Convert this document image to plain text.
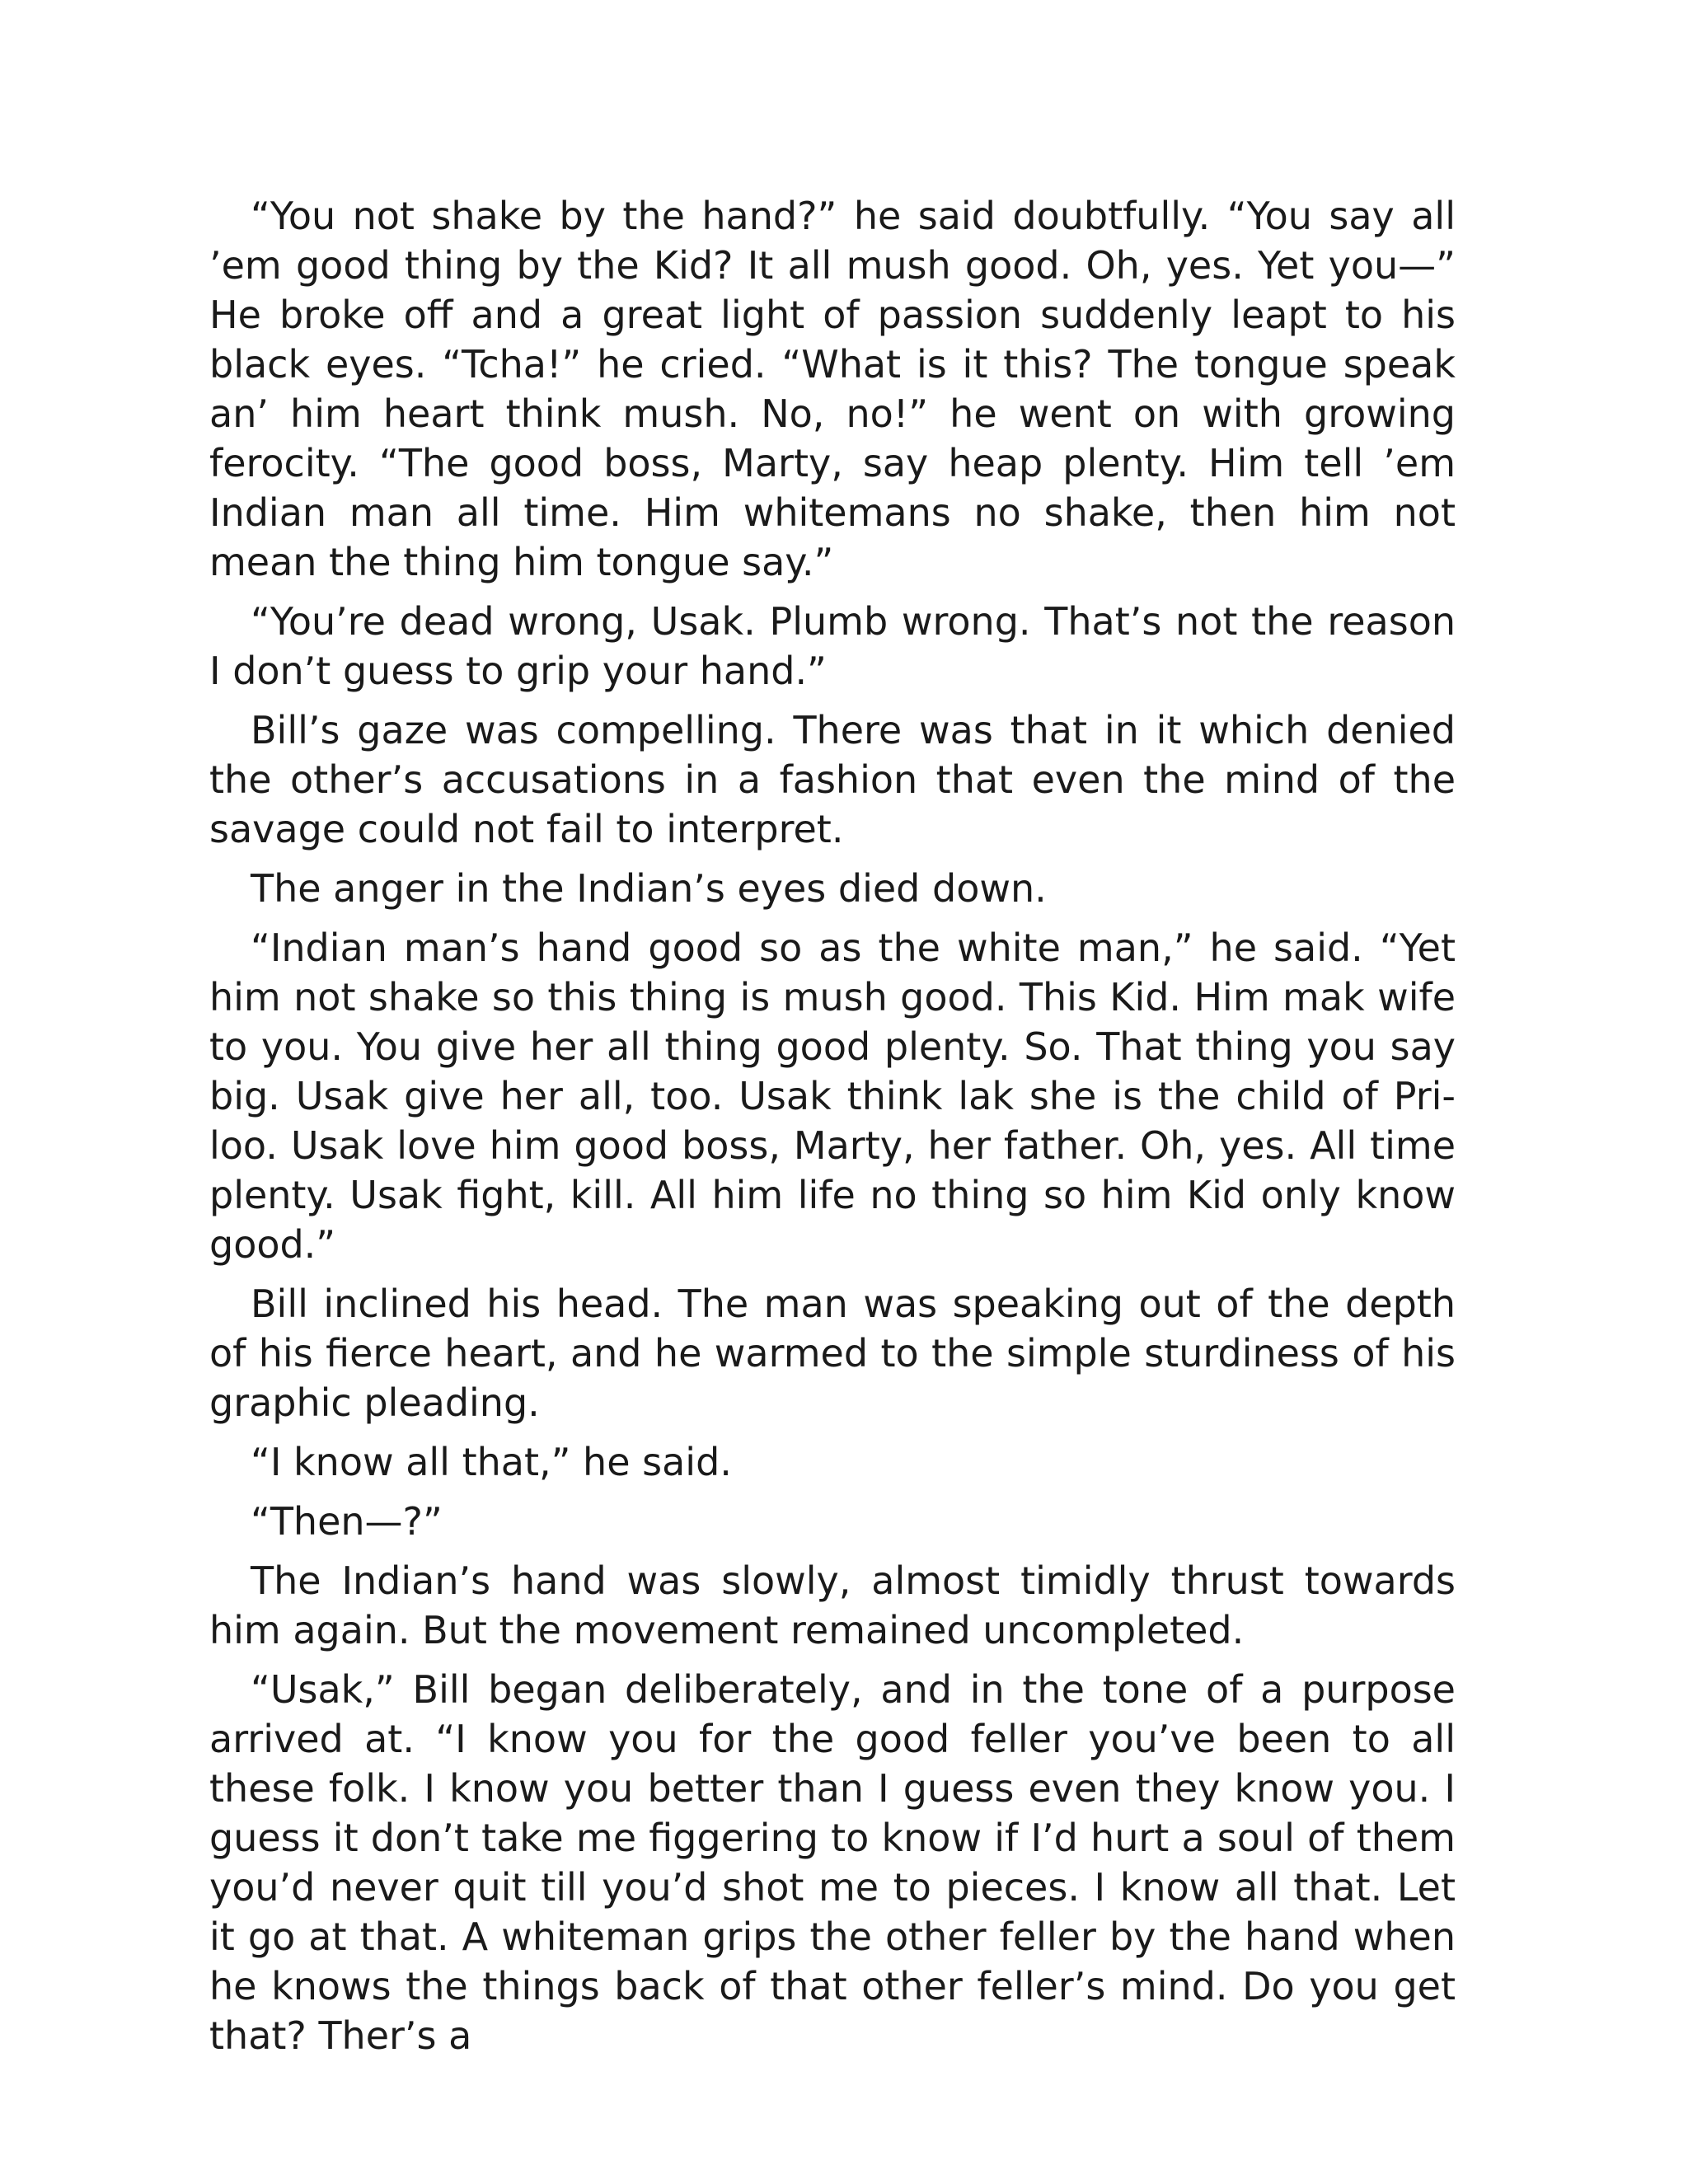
“You not shake by the hand?” he said doubtfully. “You say all ’em good thing by the Kid? It all mush good. Oh, yes. Yet you—” He broke off and a great light of passion suddenly leapt to his black eyes. “Tcha!” he cried. “What is it this? The tongue speak an’ him heart think mush. No, no!” he went on with growing ferocity. “The good boss, Marty, say heap plenty. Him tell ’em Indian man all time. Him whitemans no shake, then him not mean the thing him tongue say.”

“You’re dead wrong, Usak. Plumb wrong. That’s not the reason I don’t guess to grip your hand.”

Bill’s gaze was compelling. There was that in it which denied the other’s accusations in a fashion that even the mind of the savage could not fail to interpret.

The anger in the Indian’s eyes died down.

“Indian man’s hand good so as the white man,” he said. “Yet him not shake so this thing is mush good. This Kid. Him mak wife to you. You give her all thing good plenty. So. That thing you say big. Usak give her all, too. Usak think lak she is the child of Pri-loo. Usak love him good boss, Marty, her father. Oh, yes. All time plenty. Usak fight, kill. All him life no thing so him Kid only know good.”

Bill inclined his head. The man was speaking out of the depth of his fierce heart, and he warmed to the simple sturdiness of his graphic pleading.

“I know all that,” he said.

“Then—?”

The Indian’s hand was slowly, almost timidly thrust towards him again. But the movement remained uncompleted.

“Usak,” Bill began deliberately, and in the tone of a purpose arrived at. “I know you for the good feller you’ve been to all these folk. I know you better than I guess even they know you. I guess it don’t take me figgering to know if I’d hurt a soul of them you’d never quit till you’d shot me to pieces. I know all that. Let it go at that. A whiteman grips the other feller by the hand when he knows the things back of that other feller’s mind. Do you get that? Ther’s a
